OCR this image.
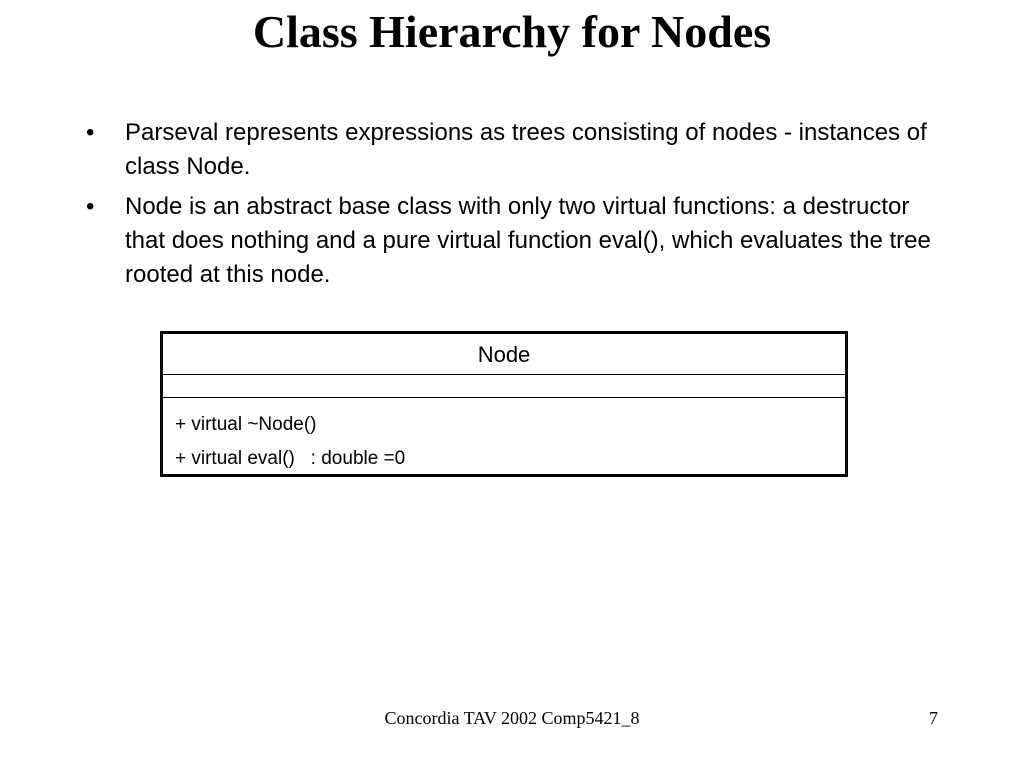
Class Hierarchy for Nodes
• Parseval represents expressions as trees consisting of nodes - instances of class Node.
• Node is an abstract base class with only two virtual functions: a destructor that does nothing and a pure virtual function eval(), which evaluates the tree rooted at this node.
Node
+ virtual ~Node()
+ virtual eval()   : double =0
Concordia TAV 2002 Comp5421_8	7
